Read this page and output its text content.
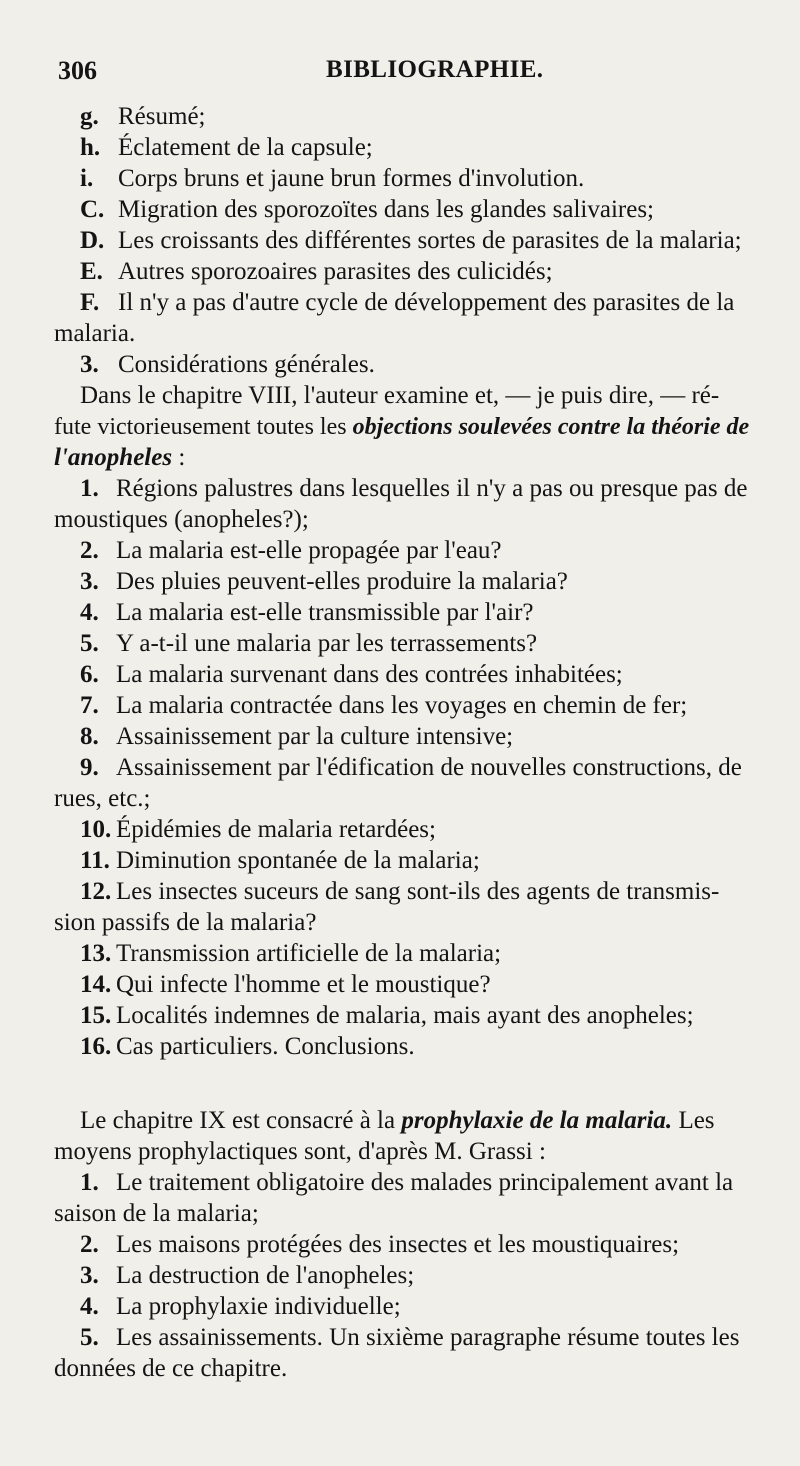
306	BIBLIOGRAPHIE.
g. Résumé;
h. Éclatement de la capsule;
i. Corps bruns et jaune brun formes d'involution.
C. Migration des sporozoïtes dans les glandes salivaires;
D. Les croissants des différentes sortes de parasites de la malaria;
E. Autres sporozoaires parasites des culicidés;
F. Il n'y a pas d'autre cycle de développement des parasites de la
malaria.
3. Considérations générales.
Dans le chapitre VIII, l'auteur examine et, — je puis dire, — ré-
fute victorieusement toutes les objections soulevées contre la théorie de
l'anopheles :
1. Régions palustres dans lesquelles il n'y a pas ou presque pas de
moustiques (anopheles?);
2. La malaria est-elle propagée par l'eau?
3. Des pluies peuvent-elles produire la malaria?
4. La malaria est-elle transmissible par l'air?
5. Y a-t-il une malaria par les terrassements?
6. La malaria survenant dans des contrées inhabitées;
7. La malaria contractée dans les voyages en chemin de fer;
8. Assainissement par la culture intensive;
9. Assainissement par l'édification de nouvelles constructions, de
rues, etc.;
10. Épidémies de malaria retardées;
11. Diminution spontanée de la malaria;
12. Les insectes suceurs de sang sont-ils des agents de transmis-
sion passifs de la malaria?
13. Transmission artificielle de la malaria;
14. Qui infecte l'homme et le moustique?
15. Localités indemnes de malaria, mais ayant des anopheles;
16. Cas particuliers. Conclusions.
Le chapitre IX est consacré à la prophylaxie de la malaria. Les
moyens prophylactiques sont, d'après M. Grassi :
1. Le traitement obligatoire des malades principalement avant la
saison de la malaria;
2. Les maisons protégées des insectes et les moustiquaires;
3. La destruction de l'anopheles;
4. La prophylaxie individuelle;
5. Les assainissements. Un sixième paragraphe résume toutes les
données de ce chapitre.
